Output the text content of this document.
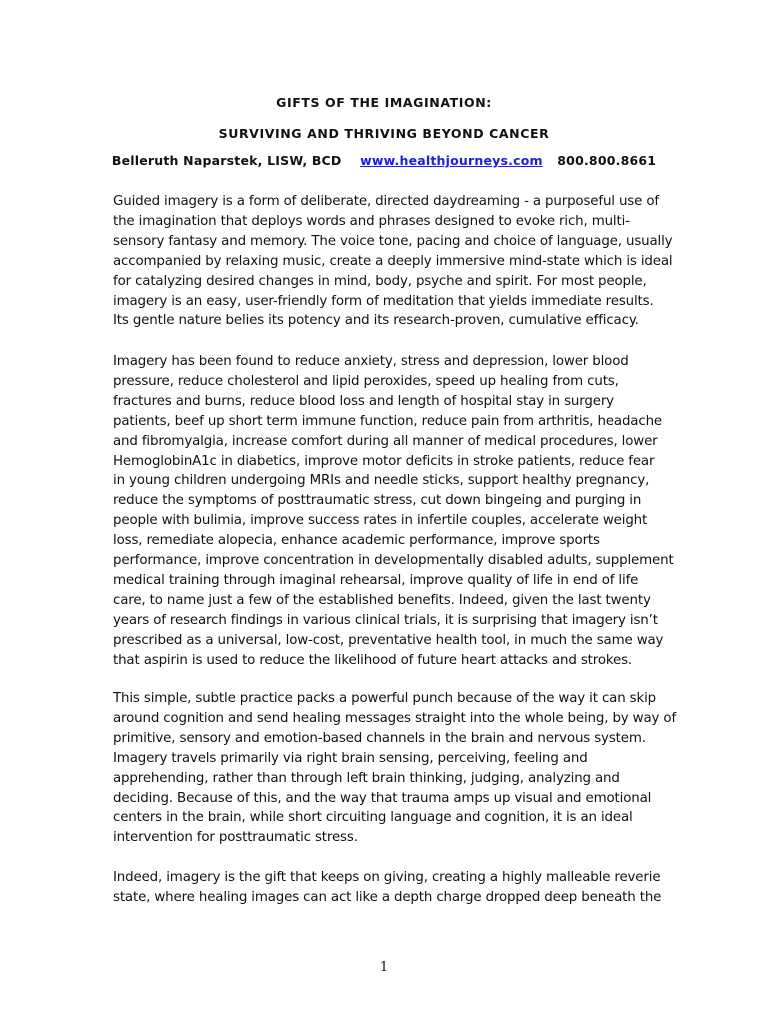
GIFTS OF THE IMAGINATION:
SURVIVING AND THRIVING BEYOND CANCER
Belleruth Naparstek, LISW, BCD www.healthjourneys.com 800.800.8661
Guided imagery is a form of deliberate, directed daydreaming - a purposeful use of
the imagination that deploys words and phrases designed to evoke rich, multi-
sensory fantasy and memory. The voice tone, pacing and choice of language, usually
accompanied by relaxing music, create a deeply immersive mind-state which is ideal
for catalyzing desired changes in mind, body, psyche and spirit. For most people,
imagery is an easy, user-friendly form of meditation that yields immediate results.
Its gentle nature belies its potency and its research-proven, cumulative efficacy.
Imagery has been found to reduce anxiety, stress and depression, lower blood
pressure, reduce cholesterol and lipid peroxides, speed up healing from cuts,
fractures and burns, reduce blood loss and length of hospital stay in surgery
patients, beef up short term immune function, reduce pain from arthritis, headache
and fibromyalgia, increase comfort during all manner of medical procedures, lower
HemoglobinA1c in diabetics, improve motor deficits in stroke patients, reduce fear
in young children undergoing MRIs and needle sticks, support healthy pregnancy,
reduce the symptoms of posttraumatic stress, cut down bingeing and purging in
people with bulimia, improve success rates in infertile couples, accelerate weight
loss, remediate alopecia, enhance academic performance, improve sports
performance, improve concentration in developmentally disabled adults, supplement
medical training through imaginal rehearsal, improve quality of life in end of life
care, to name just a few of the established benefits. Indeed, given the last twenty
years of research findings in various clinical trials, it is surprising that imagery isn’t
prescribed as a universal, low-cost, preventative health tool, in much the same way
that aspirin is used to reduce the likelihood of future heart attacks and strokes.
This simple, subtle practice packs a powerful punch because of the way it can skip
around cognition and send healing messages straight into the whole being, by way of
primitive, sensory and emotion-based channels in the brain and nervous system.
Imagery travels primarily via right brain sensing, perceiving, feeling and
apprehending, rather than through left brain thinking, judging, analyzing and
deciding. Because of this, and the way that trauma amps up visual and emotional
centers in the brain, while short circuiting language and cognition, it is an ideal
intervention for posttraumatic stress.
Indeed, imagery is the gift that keeps on giving, creating a highly malleable reverie
state, where healing images can act like a depth charge dropped deep beneath the
1
